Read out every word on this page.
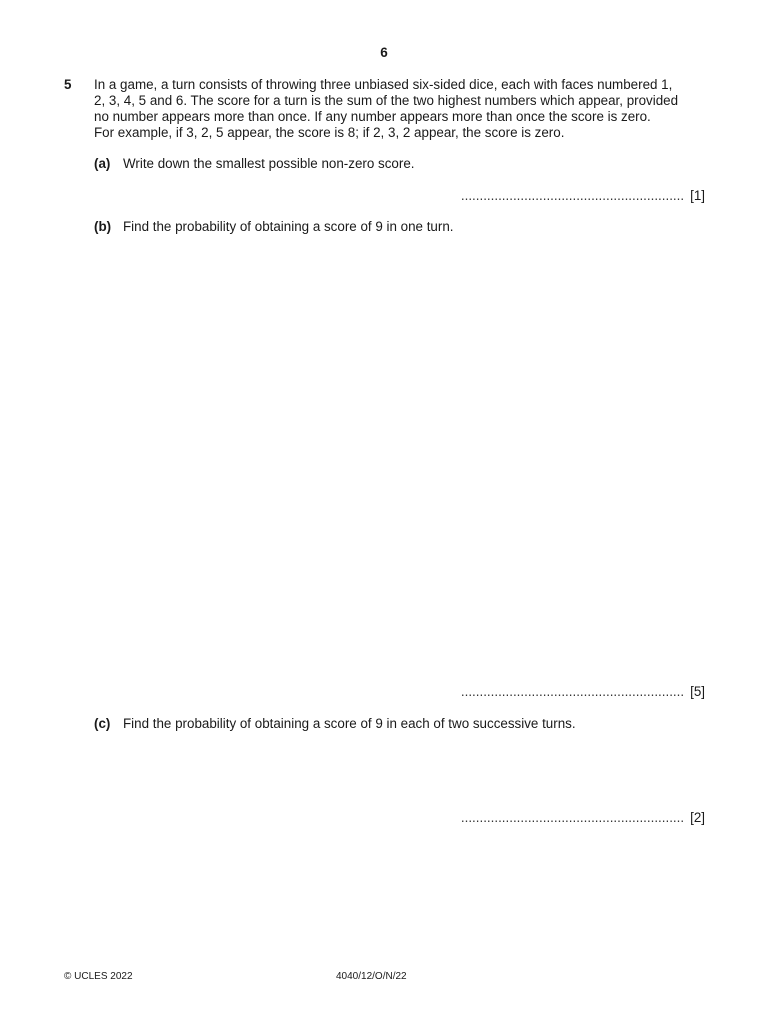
6
5 In a game, a turn consists of throwing three unbiased six-sided dice, each with faces numbered 1,
2, 3, 4, 5 and 6. The score for a turn is the sum of the two highest numbers which appear, provided
no number appears more than once. If any number appears more than once the score is zero.
For example, if 3, 2, 5 appear, the score is 8; if 2, 3, 2 appear, the score is zero.
(a) Write down the smallest possible non-zero score.
............................................................ [1]
(b) Find the probability of obtaining a score of 9 in one turn.
............................................................ [5]
(c) Find the probability of obtaining a score of 9 in each of two successive turns.
............................................................ [2]
© UCLES 2022	4040/12/O/N/22
